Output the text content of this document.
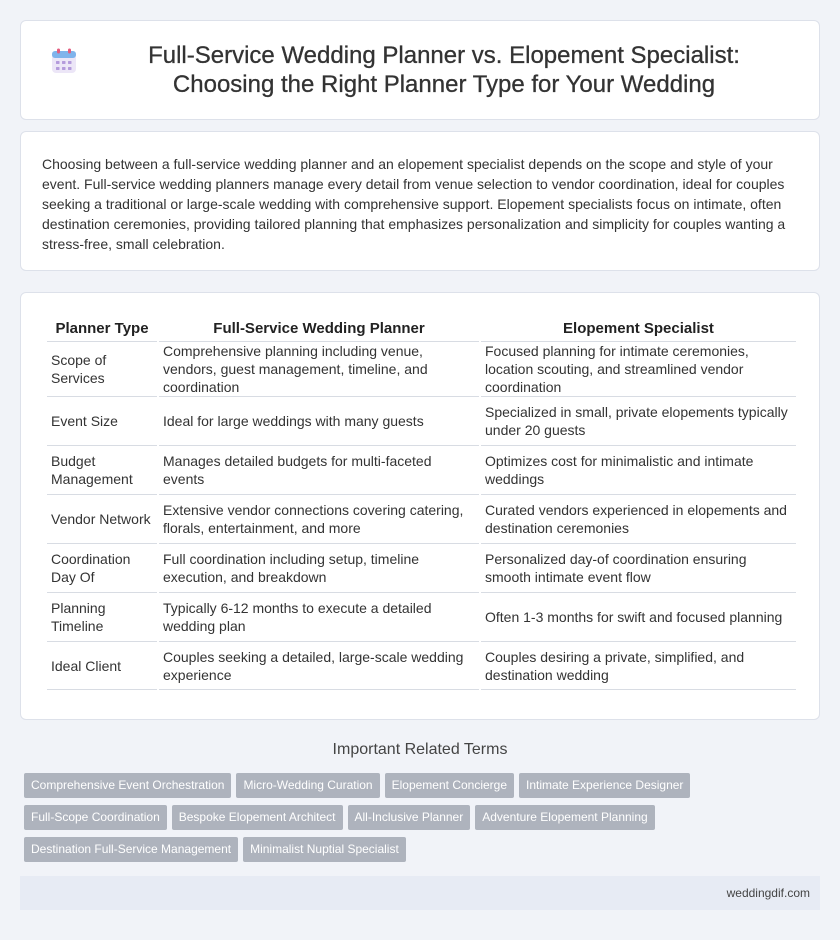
Full-Service Wedding Planner vs. Elopement Specialist: Choosing the Right Planner Type for Your Wedding

Choosing between a full-service wedding planner and an elopement specialist depends on the scope and style of your event. Full-service wedding planners manage every detail from venue selection to vendor coordination, ideal for couples seeking a traditional or large-scale wedding with comprehensive support. Elopement specialists focus on intimate, often destination ceremonies, providing tailored planning that emphasizes personalization and simplicity for couples wanting a stress-free, small celebration.

Planner Type	Full-Service Wedding Planner	Elopement Specialist
Scope of Services	Comprehensive planning including venue, vendors, guest management, timeline, and coordination	Focused planning for intimate ceremonies, location scouting, and streamlined vendor coordination
Event Size	Ideal for large weddings with many guests	Specialized in small, private elopements typically under 20 guests
Budget Management	Manages detailed budgets for multi-faceted events	Optimizes cost for minimalistic and intimate weddings
Vendor Network	Extensive vendor connections covering catering, florals, entertainment, and more	Curated vendors experienced in elopements and destination ceremonies
Coordination Day Of	Full coordination including setup, timeline execution, and breakdown	Personalized day-of coordination ensuring smooth intimate event flow
Planning Timeline	Typically 6-12 months to execute a detailed wedding plan	Often 1-3 months for swift and focused planning
Ideal Client	Couples seeking a detailed, large-scale wedding experience	Couples desiring a private, simplified, and destination wedding
Important Related Terms
Comprehensive Event Orchestration Micro-Wedding Curation Elopement Concierge Intimate Experience Designer
Full-Scope Coordination Bespoke Elopement Architect All-Inclusive Planner Adventure Elopement Planning
Destination Full-Service Management Minimalist Nuptial Specialist
weddingdif.com
